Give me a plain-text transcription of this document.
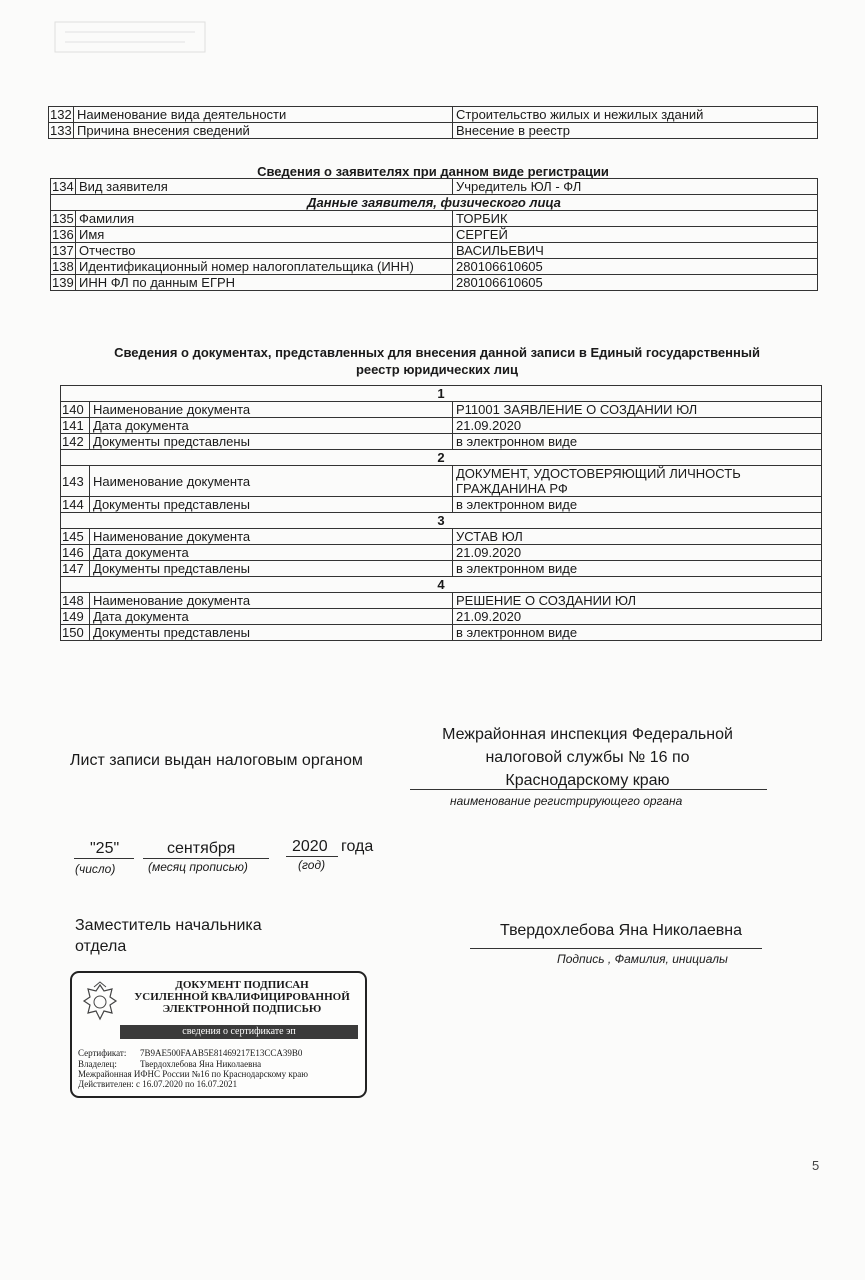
132	Наименование вида деятельности	Строительство жилых и нежилых зданий
133	Причина внесения сведений	Внесение в реестр
Сведения о заявителях при данном виде регистрации
134	Вид заявителя	Учредитель ЮЛ - ФЛ
Данные заявителя, физического лица		
135	Фамилия	ТОРБИК
136	Имя	СЕРГЕЙ
137	Отчество	ВАСИЛЬЕВИЧ
138	Идентификационный номер налогоплательщика (ИНН)	280106610605
139	ИНН ФЛ по данным ЕГРН	280106610605
Сведения о документах, представленных для внесения данной записи в Единый государственный
реестр юридических лиц
1		
140	Наименование документа	Р11001 ЗАЯВЛЕНИЕ О СОЗДАНИИ ЮЛ
141	Дата документа	21.09.2020
142	Документы представлены	в электронном виде
2		
143	Наименование документа	ДОКУМЕНТ, УДОСТОВЕРЯЮЩИЙ ЛИЧНОСТЬ ГРАЖДАНИНА РФ
144	Документы представлены	в электронном виде
3		
145	Наименование документа	УСТАВ ЮЛ
146	Дата документа	21.09.2020
147	Документы представлены	в электронном виде
4		
148	Наименование документа	РЕШЕНИЕ О СОЗДАНИИ ЮЛ
149	Дата документа	21.09.2020
150	Документы представлены	в электронном виде
Лист записи выдан налоговым органом
Межрайонная инспекция Федеральной
налоговой службы № 16 по
Краснодарскому краю
наименование регистрирующего органа
"25"
(число)
сентября
(месяц прописью)
2020 года
(год)
Заместитель начальника
отдела
Твердохлебова Яна Николаевна
Подпись , Фамилия, инициалы
ДОКУМЕНТ ПОДПИСАН
УСИЛЕННОЙ КВАЛИФИЦИРОВАННОЙ
ЭЛЕКТРОННОЙ ПОДПИСЬЮ
сведения о сертификате эп
Сертификат: 7B9AE500FAAB5E81469217E13CCA39B0
Владелец:	Твердохлебова Яна Николаевна
Межрайонная ИФНС России №16 по Краснодарскому краю
Действителен: с 16.07.2020 по 16.07.2021
5
